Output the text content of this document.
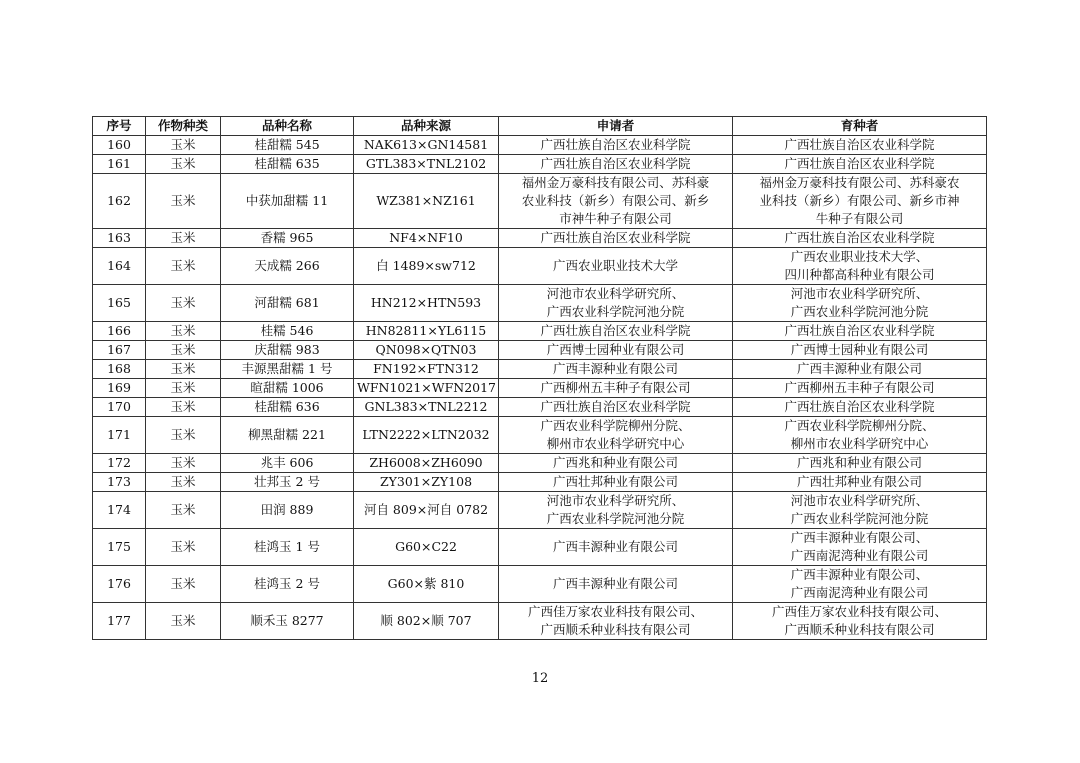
序号	作物种类	品种名称	品种来源	申请者	育种者
160	玉米	桂甜糯 545	NAK613×GN14581	广西壮族自治区农业科学院	广西壮族自治区农业科学院
161	玉米	桂甜糯 635	GTL383×TNL2102	广西壮族自治区农业科学院	广西壮族自治区农业科学院
162	玉米	中获加甜糯 11	WZ381×NZ161	福州金万豪科技有限公司、苏科豪
农业科技（新乡）有限公司、新乡
市神牛种子有限公司	福州金万豪科技有限公司、苏科豪农
业科技（新乡）有限公司、新乡市神
牛种子有限公司
163	玉米	香糯 965	NF4×NF10	广西壮族自治区农业科学院	广西壮族自治区农业科学院
164	玉米	天成糯 266	白 1489×sw712	广西农业职业技术大学	广西农业职业技术大学、
四川种都高科种业有限公司
165	玉米	河甜糯 681	HN212×HTN593	河池市农业科学研究所、
广西农业科学院河池分院	河池市农业科学研究所、
广西农业科学院河池分院
166	玉米	桂糯 546	HN82811×YL6115	广西壮族自治区农业科学院	广西壮族自治区农业科学院
167	玉米	庆甜糯 983	QN098×QTN03	广西博士园种业有限公司	广西博士园种业有限公司
168	玉米	丰源黑甜糯 1 号	FN192×FTN312	广西丰源种业有限公司	广西丰源种业有限公司
169	玉米	暄甜糯 1006	WFN1021×WFN2017	广西柳州五丰种子有限公司	广西柳州五丰种子有限公司
170	玉米	桂甜糯 636	GNL383×TNL2212	广西壮族自治区农业科学院	广西壮族自治区农业科学院
171	玉米	柳黑甜糯 221	LTN2222×LTN2032	广西农业科学院柳州分院、
柳州市农业科学研究中心	广西农业科学院柳州分院、
柳州市农业科学研究中心
172	玉米	兆丰 606	ZH6008×ZH6090	广西兆和种业有限公司	广西兆和种业有限公司
173	玉米	壮邦玉 2 号	ZY301×ZY108	广西壮邦种业有限公司	广西壮邦种业有限公司
174	玉米	田润 889	河自 809×河自 0782	河池市农业科学研究所、
广西农业科学院河池分院	河池市农业科学研究所、
广西农业科学院河池分院
175	玉米	桂鸿玉 1 号	G60×C22	广西丰源种业有限公司	广西丰源种业有限公司、
广西南泥湾种业有限公司
176	玉米	桂鸿玉 2 号	G60×紫 810	广西丰源种业有限公司	广西丰源种业有限公司、
广西南泥湾种业有限公司
177	玉米	顺禾玉 8277	顺 802×顺 707	广西佳万家农业科技有限公司、
广西顺禾种业科技有限公司	广西佳万家农业科技有限公司、
广西顺禾种业科技有限公司
12
